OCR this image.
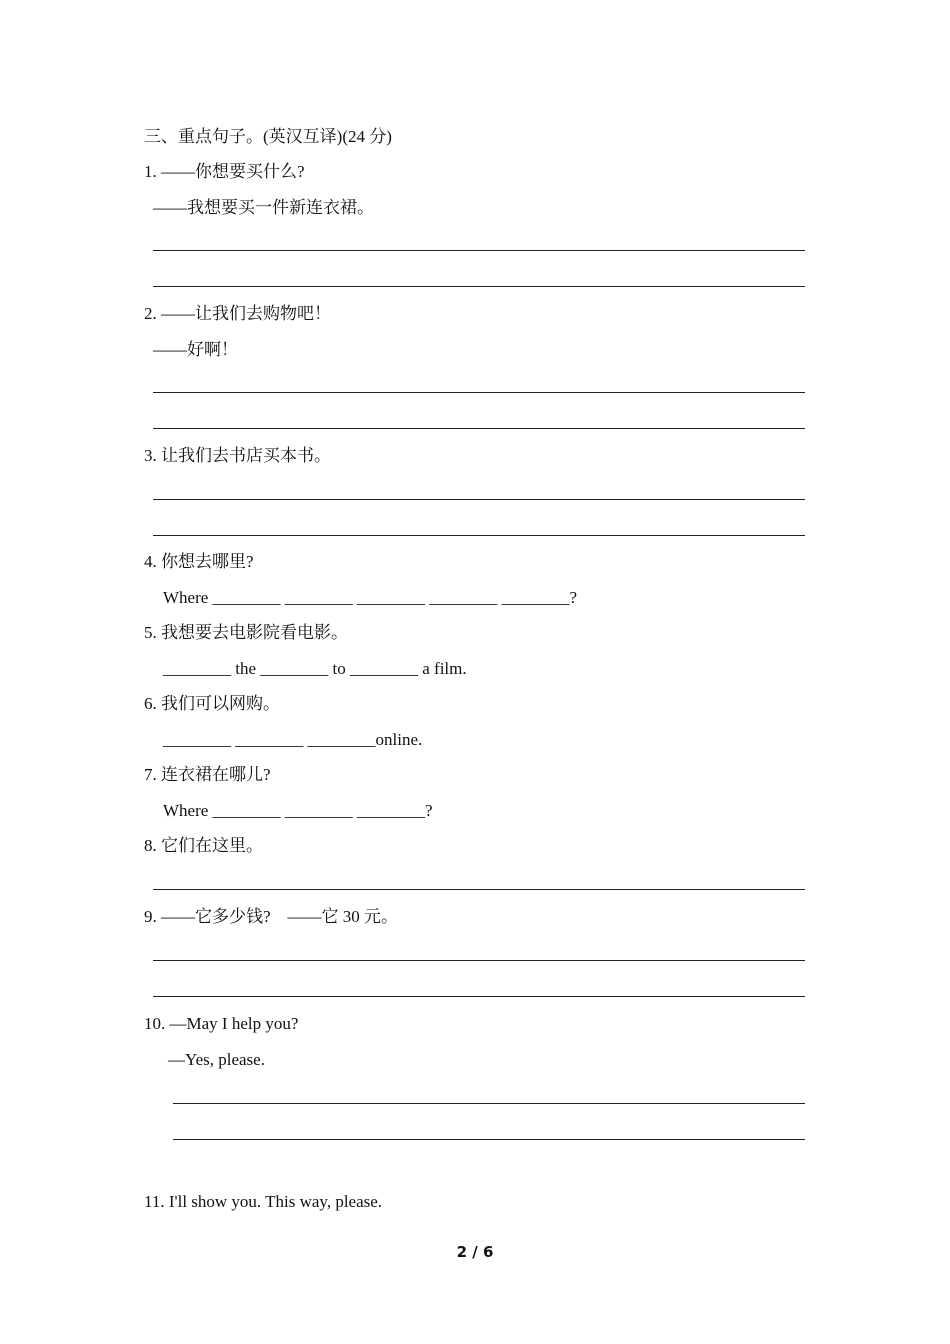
三、重点句子。(英汉互译)(24 分)
1. ——你想要买什么?
——我想要买一件新连衣裙。
2. ——让我们去购物吧！
——好啊！
3. 让我们去书店买本书。
4. 你想去哪里?
Where ________ ________ ________ ________ ________?
5. 我想要去电影院看电影。
________ the ________ to ________ a film.
6. 我们可以网购。
________ ________ ________online.
7. 连衣裙在哪儿?
Where ________ ________ ________?
8. 它们在这里。
9. ——它多少钱?　——它 30 元。
10. —May I help you?
—Yes, please.
11. I'll show you. This way, please.
2 / 6
